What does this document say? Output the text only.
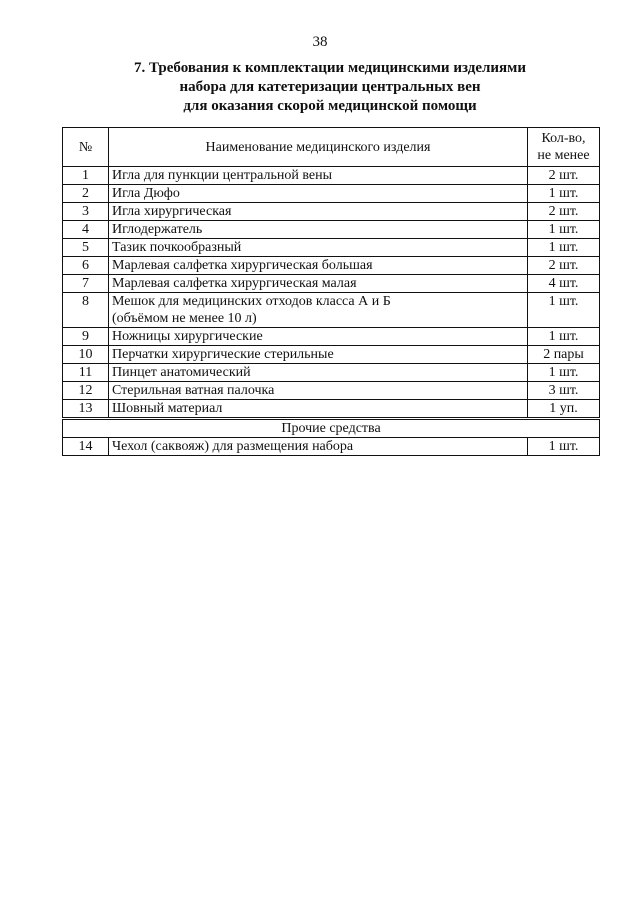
38
7. Требования к комплектации медицинскими изделиями
набора для катетеризации центральных вен
для оказания скорой медицинской помощи
№	Наименование медицинского изделия	Кол-во,
не менее
1	Игла для пункции центральной вены	2 шт.
2	Игла Дюфо	1 шт.
3	Игла хирургическая	2 шт.
4	Иглодержатель	1 шт.
5	Тазик почкообразный	1 шт.
6	Марлевая салфетка хирургическая большая	2 шт.
7	Марлевая салфетка хирургическая малая	4 шт.
8	Мешок для медицинских отходов класса А и Б
(объёмом не менее 10 л)	1 шт.
9	Ножницы хирургические	1 шт.
10	Перчатки хирургические стерильные	2 пары
11	Пинцет анатомический	1 шт.
12	Стерильная ватная палочка	3 шт.
13	Шовный материал	1 уп.
Прочие средства		
14	Чехол (саквояж) для размещения набора	1 шт.
